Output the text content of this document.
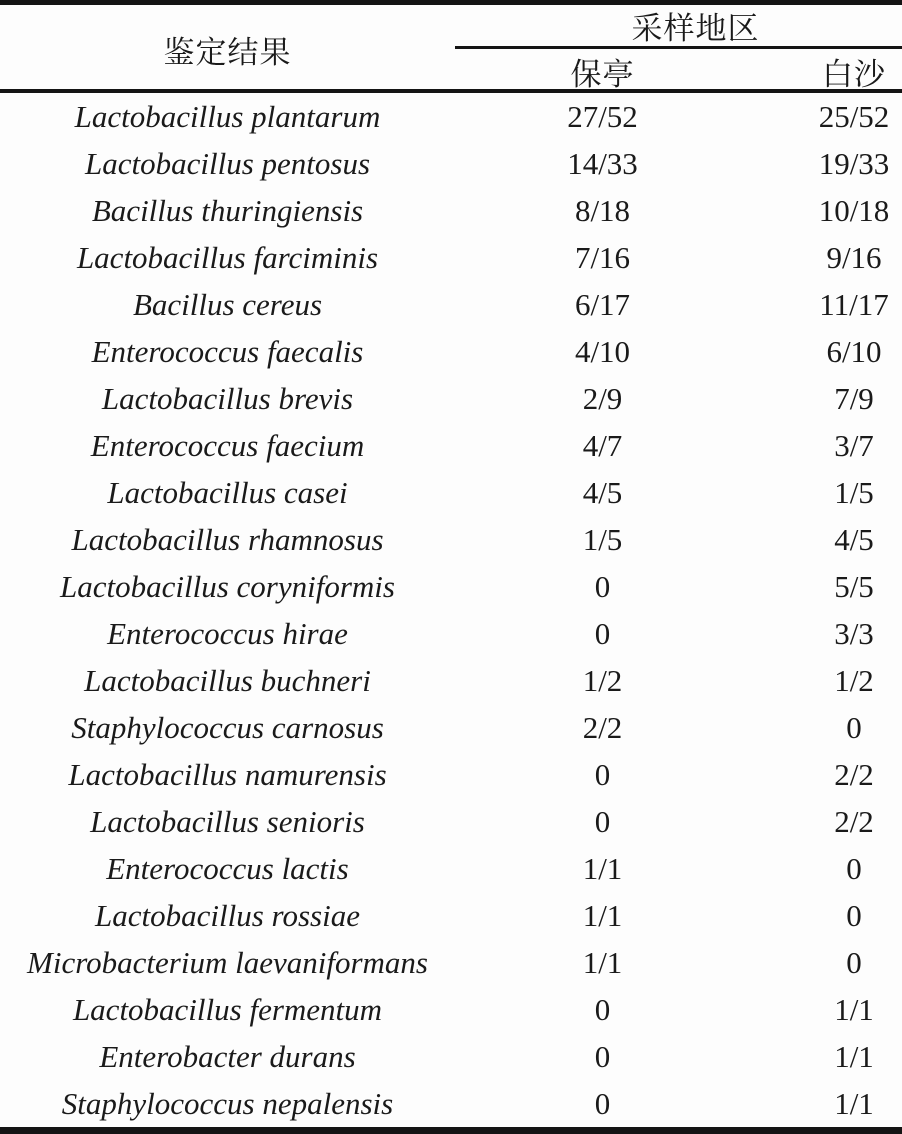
鉴定结果
采样地区
保亭	白沙
Lactobacillus plantarum	27/52	25/52
Lactobacillus pentosus	14/33	19/33
Bacillus thuringiensis	8/18	10/18
Lactobacillus farciminis	7/16	9/16
Bacillus cereus	6/17	11/17
Enterococcus faecalis	4/10	6/10
Lactobacillus brevis	2/9	7/9
Enterococcus faecium	4/7	3/7
Lactobacillus casei	4/5	1/5
Lactobacillus rhamnosus	1/5	4/5
Lactobacillus coryniformis	0	5/5
Enterococcus hirae	0	3/3
Lactobacillus buchneri	1/2	1/2
Staphylococcus carnosus	2/2	0
Lactobacillus namurensis	0	2/2
Lactobacillus senioris	0	2/2
Enterococcus lactis	1/1	0
Lactobacillus rossiae	1/1	0
Microbacterium laevaniformans	1/1	0
Lactobacillus fermentum	0	1/1
Enterobacter durans	0	1/1
Staphylococcus nepalensis	0	1/1
